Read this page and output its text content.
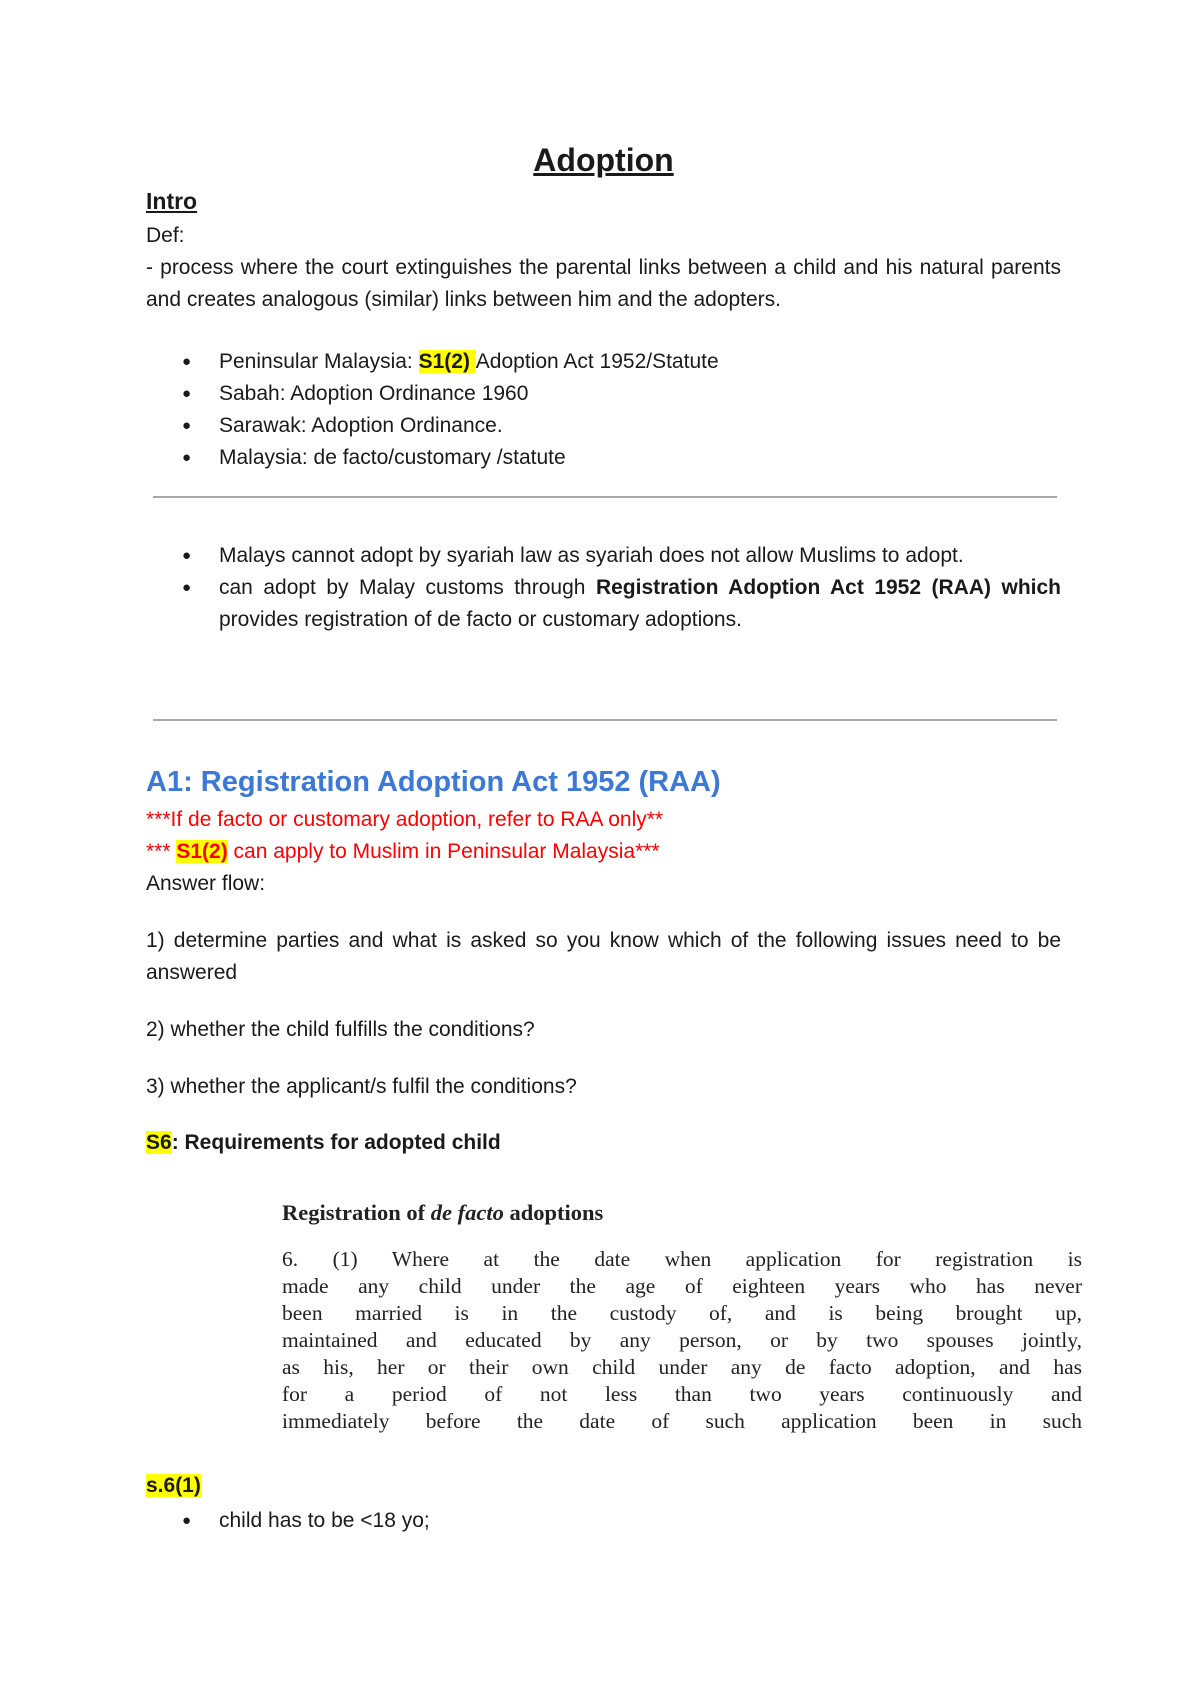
Adoption
Intro
Def:
- process where the court extinguishes the parental links between a child and his natural parents and creates analogous (similar) links between him and the adopters.
● Peninsular Malaysia: S1(2) Adoption Act 1952/Statute
● Sabah: Adoption Ordinance 1960
● Sarawak: Adoption Ordinance.
● Malaysia: de facto/customary /statute
● Malays cannot adopt by syariah law as syariah does not allow Muslims to adopt.
● can adopt by Malay customs through Registration Adoption Act 1952 (RAA) which provides registration of de facto or customary adoptions.
A1: Registration Adoption Act 1952 (RAA)
***If de facto or customary adoption, refer to RAA only**
*** S1(2) can apply to Muslim in Peninsular Malaysia***
Answer flow:
1) determine parties and what is asked so you know which of the following issues need to be answered
2) whether the child fulfills the conditions?
3) whether the applicant/s fulfil the conditions?
S6: Requirements for adopted child
Registration of de facto adoptions
6. (1) Where at the date when application for registration is
made any child under the age of eighteen years who has never
been married is in the custody of, and is being brought up,
maintained and educated by any person, or by two spouses jointly,
as his, her or their own child under any de facto adoption, and has
for a period of not less than two years continuously and
immediately before the date of such application been in such
s.6(1)
● child has to be <18 yo;
